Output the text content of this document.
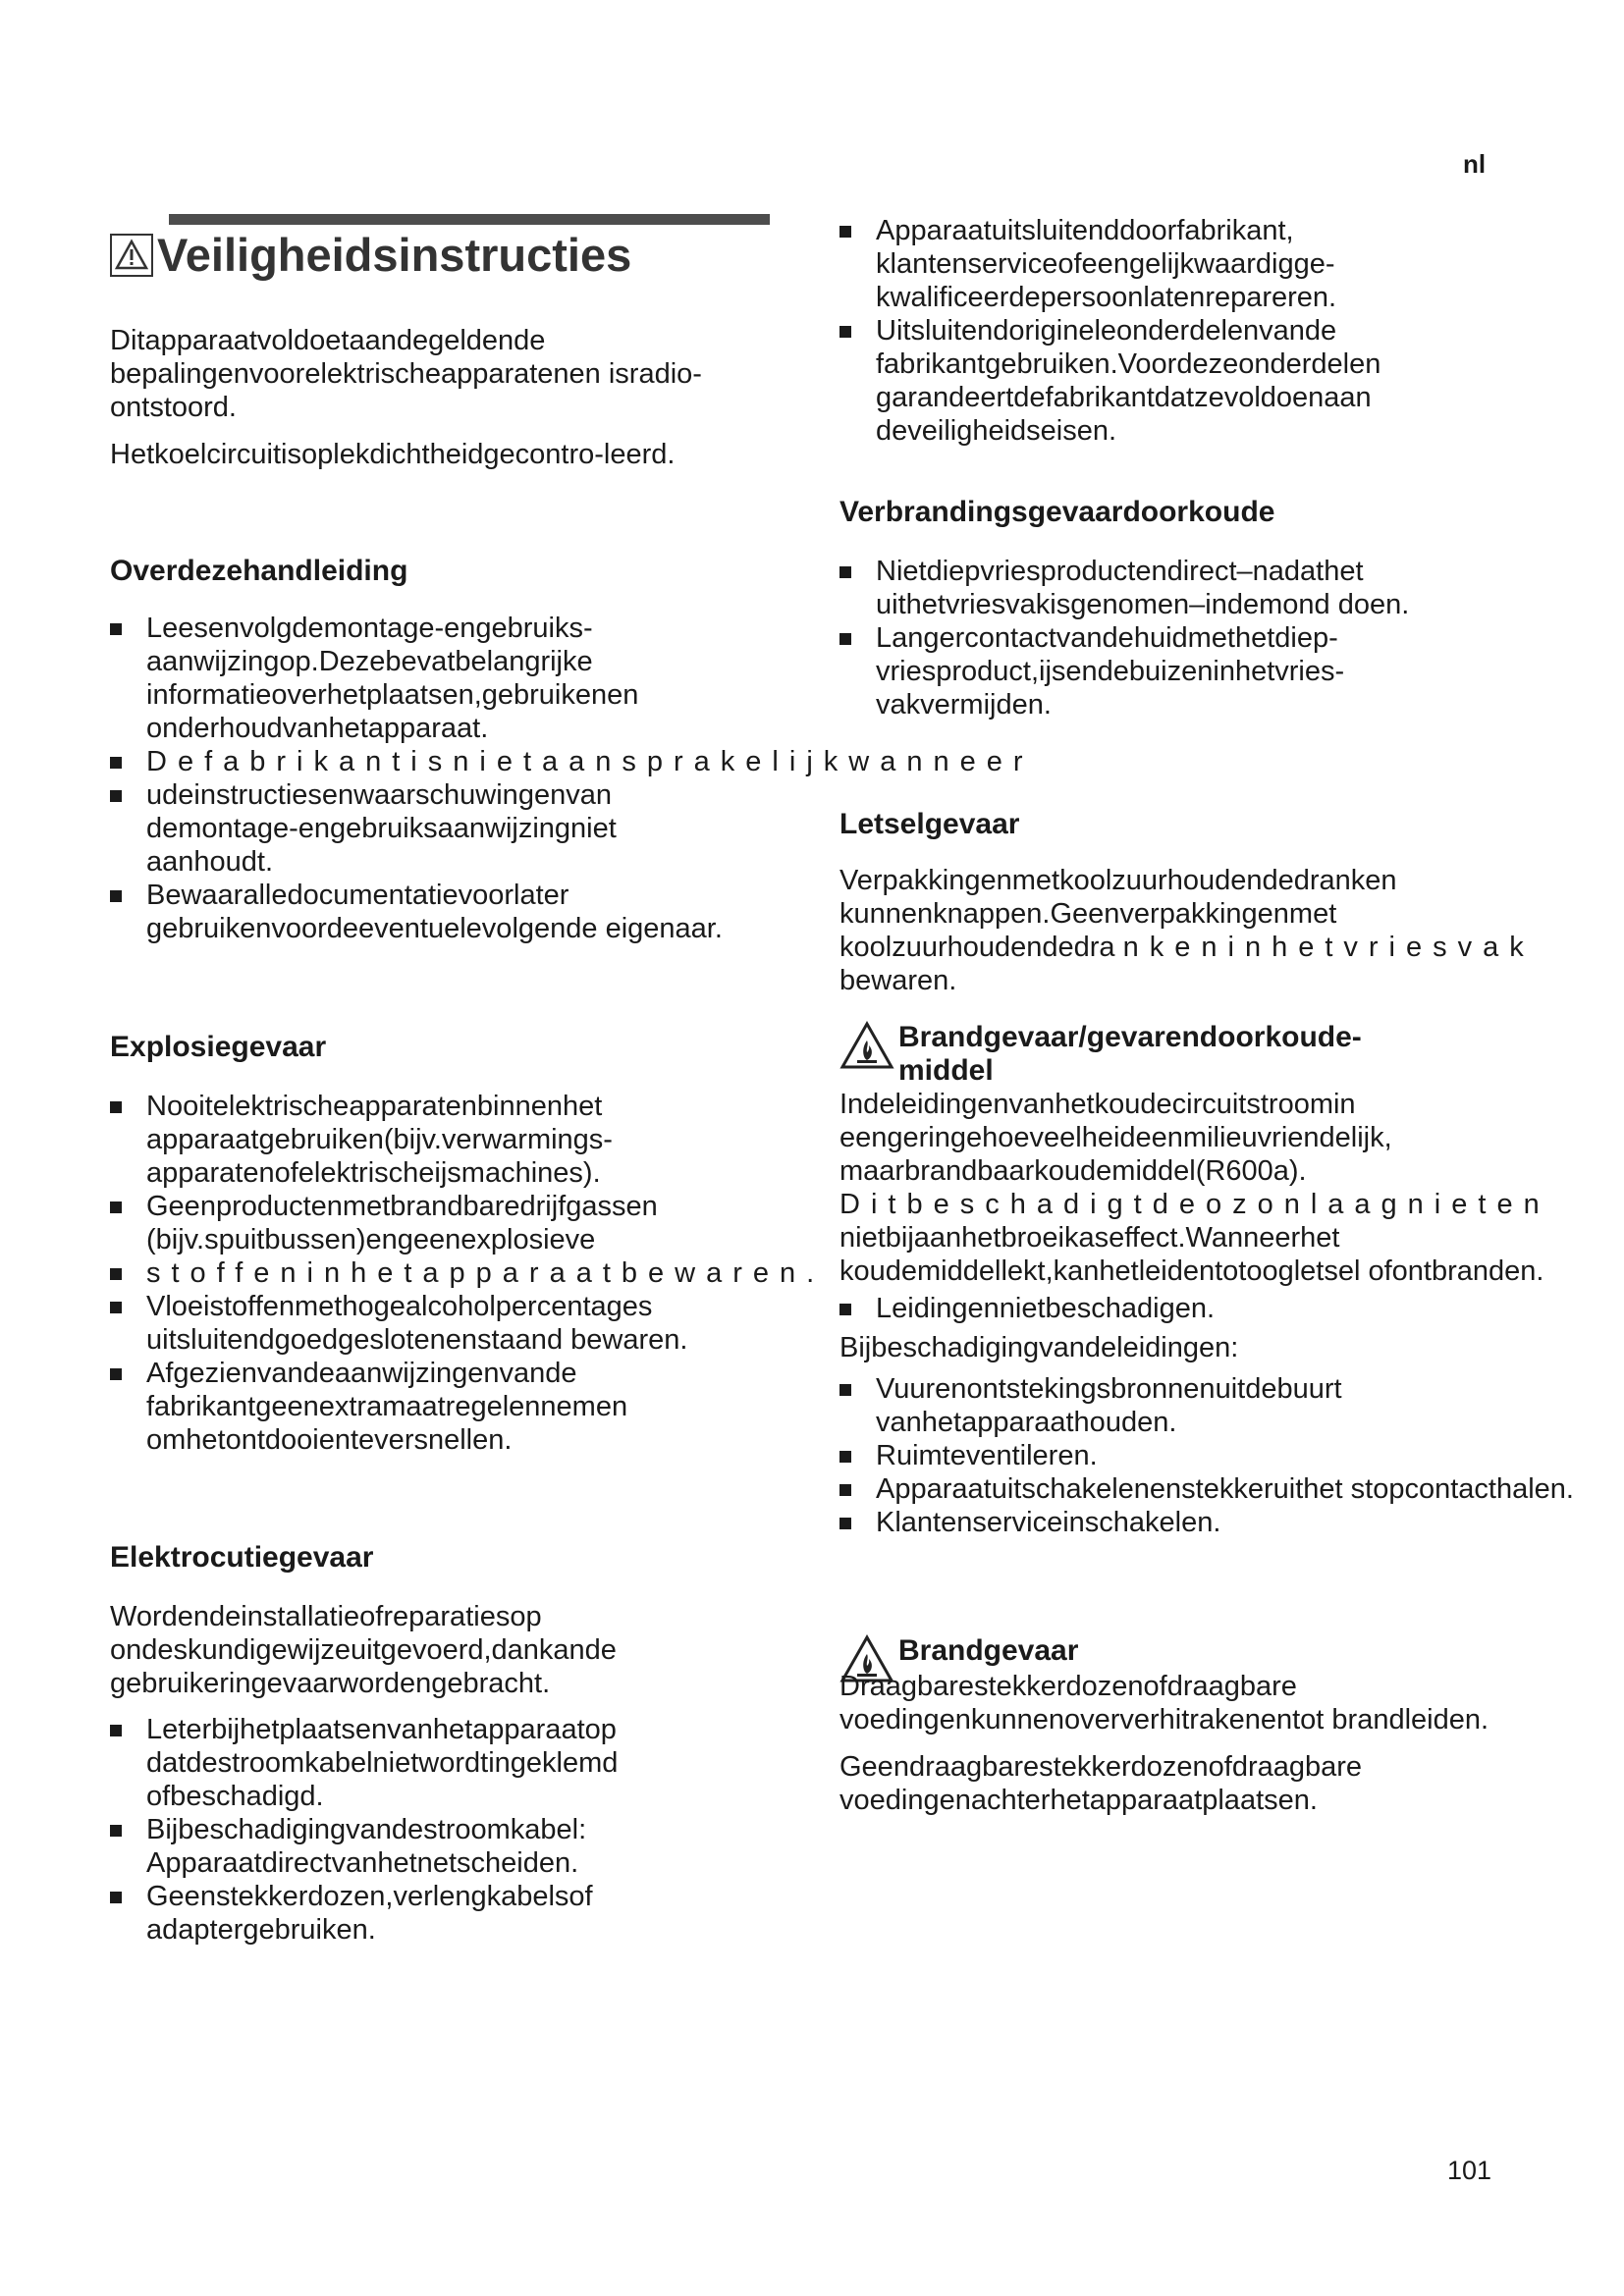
nl
Veiligheidsinstructies

Ditapparaatvoldoetaandegeldende bepalingenvoorelektrischeapparatenen isradio-ontstoord.

Hetkoelcircuitisoplekdichtheidgecontro-leerd.

Overdezehandleiding
Leesenvolgdemontage-engebruiks-aanwijzingop.Dezebevatbelangrijke informatieoverhetplaatsen,gebruikenen onderhoudvanhetapparaat.
Defabrikantisnietaansprakelijkwanneer
udeinstructiesenwaarschuwingenvan demontage-engebruiksaanwijzingniet aanhoudt.
Bewaaralledocumentatievoorlater gebruikenvoordeeventuelevolgende eigenaar.
Explosiegevaar
Nooitelektrischeapparatenbinnenhet apparaatgebruiken(bijv.verwarmings-apparatenofelektrischeijsmachines).
Geenproductenmetbrandbaredrijfgassen (bijv.spuitbussen)engeenexplosieve
stoffeninhetapparaatbewaren.
Vloeistoffenmethogealcoholpercentages uitsluitendgoedgeslotenenstaand bewaren.
Afgezienvandeaanwijzingenvande fabrikantgeenextramaatregelennemen omhetontdooienteversnellen.
Elektrocutiegevaar

Wordendeinstallatieofreparatiesop ondeskundigewijzeuitgevoerd,dankande gebruikeringevaarwordengebracht.

Leterbijhetplaatsenvanhetapparaatop datdestroomkabelnietwordtingeklemd ofbeschadigd.
Bijbeschadigingvandestroomkabel: Apparaatdirectvanhetnetscheiden.
Geenstekkerdozen,verlengkabelsof adaptergebruiken.
Apparaatuitsluitenddoorfabrikant, klantenserviceofeengelijkwaardigge-kwalificeerdepersoonlatenrepareren.
Uitsluitendorigineleonderdelenvande fabrikantgebruiken.Voordezeonderdelen garandeertdefabrikantdatzevoldoenaan deveiligheidseisen.
Verbrandingsgevaardoorkoude
Nietdiepvriesproductendirect–nadathet uithetvriesvakisgenomen–indemond doen.
Langercontactvandehuidmethetdiep-vriesproduct,ijsendebuizeninhetvries-vakvermijden.
Letselgevaar

Verpakkingenmetkoolzuurhoudendedranken kunnenknappen.Geenverpakkingenmet koolzuurhoudendedra nkeninhetvriesvak
bewaren.

Brandgevaar/gevarendoorkoude-middel

Indeleidingenvanhetkoudecircuitstroomin eengeringehoeveelheideenmilieuvriendelijk, maarbrandbaarkoudemiddel(R600a).
Ditbeschadigtdeozonlaagnieten
nietbijaanhetbroeikaseffect.Wanneerhet koudemiddellekt,kanhetleidentotoogletsel ofontbranden.

Leidingennietbeschadigen.

Bijbeschadigingvandeleidingen:

Vuurenontstekingsbronnenuitdebuurt vanhetapparaathouden.
Ruimteventileren.
Apparaatuitschakelenenstekkeruithet stopcontacthalen.
Klantenserviceinschakelen.
Brandgevaar

Draagbarestekkerdozenofdraagbare voedingenkunnenoververhitrakenentot brandleiden.

Geendraagbarestekkerdozenofdraagbare voedingenachterhetapparaatplaatsen.

101
